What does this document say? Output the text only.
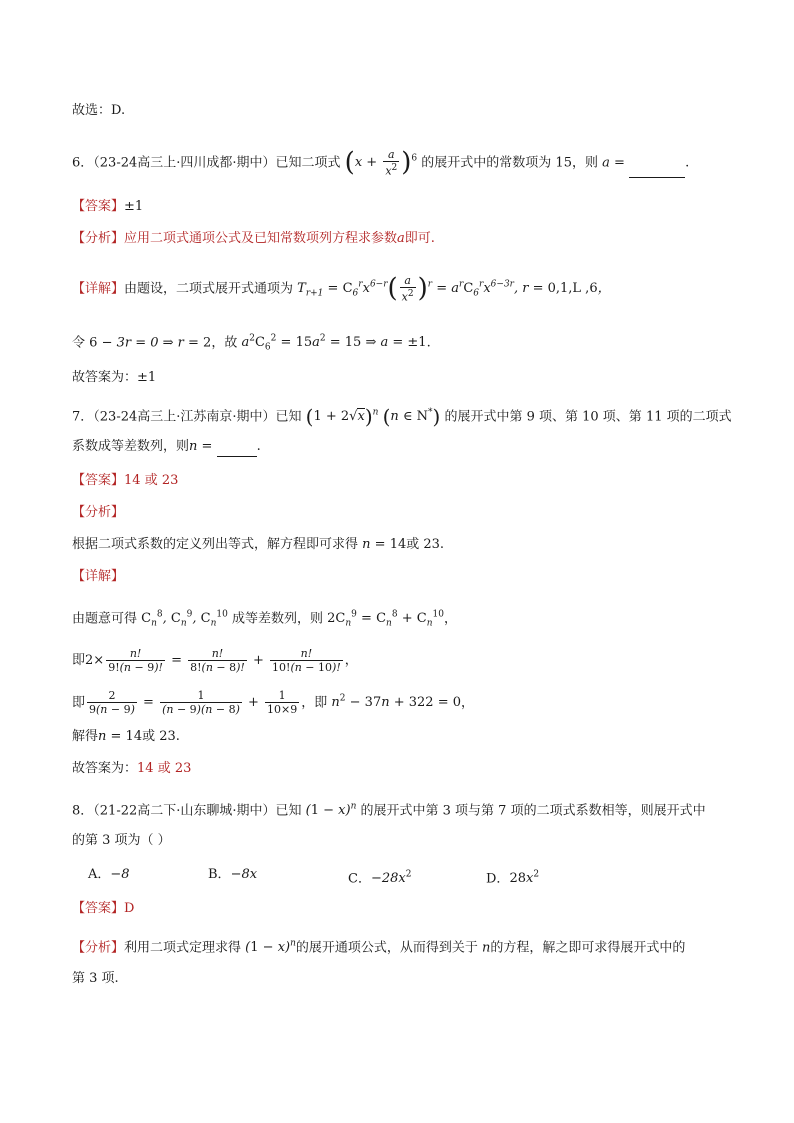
故选：D.
6．（23-24高三上·四川成都·期中）已知二项式 $(x + \frac{a}{x^2} )^6$ 的展开式中的常数项为 15，则 a =	.
【答案】±1
【分析】应用二项式通项公式及已知常数项列方程求参数a即可.
【详解】由题设，二项式展开式通项为 $T_{r+1} = C_6^rx^{6-r}( \frac{a}{x^2} )^r = a^rC_6^rx^{6-3r}$, r = 0,1,L ,6，
令 6 − 3r = 0 ⇒ r = 2，故 $a^2C_6^2 = 15a^2 = 15$ ⇒ a = ±1.
故答案为：±1
7．（23-24高三上·江苏南京·期中）已知 $(1 + 2√x)^n$ (n ∈ N*) 的展开式中第 9 项、第 10 项、第 11 项的二项式
系数成等差数列，则n =	.
【答案】14 或 23
【分析】
根据二项式系数的定义列出等式，解方程即可求得 n = 14或 23.
【详解】
由题意可得 $C_n^8$, $C_n^9$, $C_n^{10}$ 成等差数列，则 $2C_n^9 = C_n^8 + C_n^{10}$，
即$2\times \frac{n!}{9!(n - 9)!} = \frac{n!}{8!(n - 8)!} + \frac{n!}{10!(n - 10)!}$ ，
即 $\frac{2}{9(n - 9)} = \frac{1}{(n - 9)(n - 8)} + \frac{1}{10\times 9}$ ，即 $n^2 - 37n + 322 = 0$，
解得n = 14或 23.
故答案为：14 或 23
8．（21-22高二下·山东聊城·期中）已知 $(1 - x)^n$ 的展开式中第 3 项与第 7 项的二项式系数相等，则展开式中
的第 3 项为（ ）
A．−8	B．−8x	C．$-28x^2$	D．$28x^2$
【答案】D
【分析】利用二项式定理求得 $(1 - x)^n$的展开通项公式，从而得到关于 n的方程，解之即可求得展开式中的
第 3 项.
